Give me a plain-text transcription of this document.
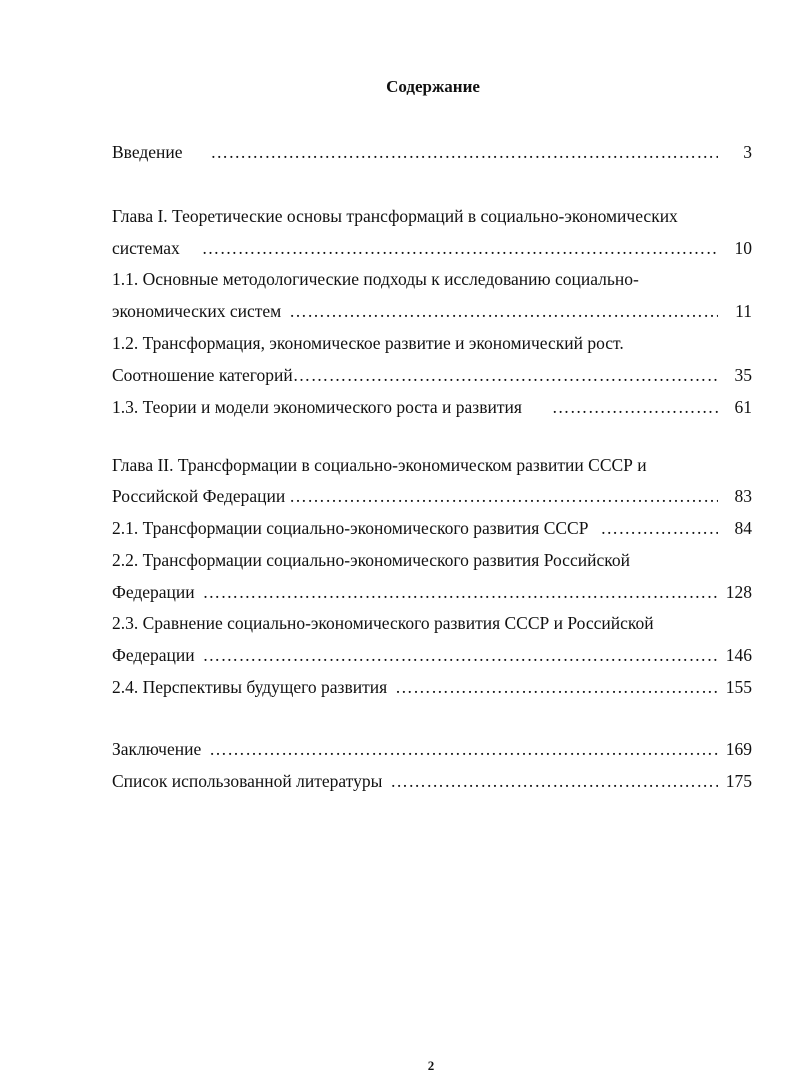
Содержание
Введение ……………………………………………………………………………………………………………………………………………………………………………………	3
Глава I. Теоретические основы трансформаций в социально-экономических
системах ……………………………………………………………………………………………………………………………………………………………………………………	10
1.1. Основные методологические подходы к исследованию социально-
экономических систем ……………………………………………………………………………………………………………………………………………………………………………………	11
1.2. Трансформация, экономическое развитие и экономический рост.
Соотношение категорий ……………………………………………………………………………………………………………………………………………………………………………………	35
1.3. Теории и модели экономического роста и развития ……………………………………………………………………………………………………………………………………………………………………………………	61
Глава II. Трансформации в социально-экономическом развитии СССР и
Российской Федерации ……………………………………………………………………………………………………………………………………………………………………………………	83
2.1. Трансформации социально-экономического развития СССР ……………………………………………………………………………………………………………………………………………………………………………………	84
2.2. Трансформации социально-экономического развития Российской
Федерации ……………………………………………………………………………………………………………………………………………………………………………………	128
2.3. Сравнение социально-экономического развития СССР и Российской
Федерации ……………………………………………………………………………………………………………………………………………………………………………………	146
2.4. Перспективы будущего развития ……………………………………………………………………………………………………………………………………………………………………………………	155
Заключение ……………………………………………………………………………………………………………………………………………………………………………………	169
Список использованной литературы ……………………………………………………………………………………………………………………………………………………………………………………	175
2
